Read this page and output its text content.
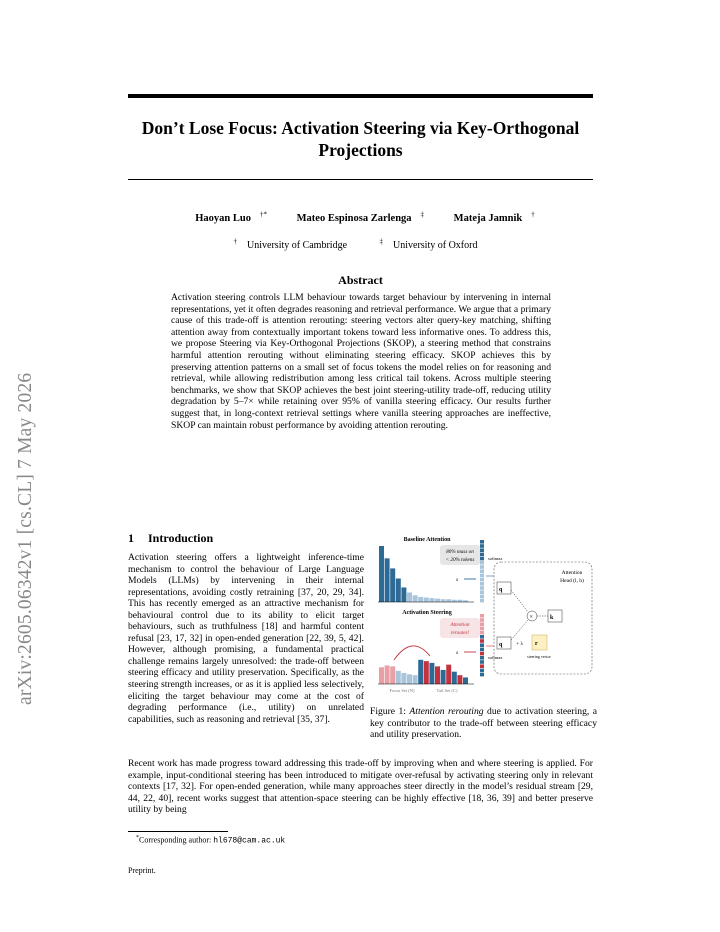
arXiv:2605.06342v1 [cs.CL] 7 May 2026
Don’t Lose Focus: Activation Steering via Key-Orthogonal Projections
Haoyan Luo †*	Mateo Espinosa Zarlenga ‡	Mateja Jamnik †
† University of Cambridge	‡ University of Oxford
Abstract
Activation steering controls LLM behaviour towards target behaviour by intervening in internal representations, yet it often degrades reasoning and retrieval performance. We argue that a primary cause of this trade-off is attention rerouting: steering vectors alter query-key matching, shifting attention away from contextually important tokens toward less informative ones. To address this, we propose Steering via Key-Orthogonal Projections (SKOP), a steering method that constrains harmful attention rerouting without eliminating steering efficacy. SKOP achieves this by preserving attention patterns on a small set of focus tokens the model relies on for reasoning and retrieval, while allowing redistribution among less critical tail tokens. Across multiple steering benchmarks, we show that SKOP achieves the best joint steering-utility trade-off, reducing utility degradation by 5–7× while retaining over 95% of vanilla steering efficacy. Our results further suggest that, in long-context retrieval settings where vanilla steering approaches are ineffective, SKOP can maintain robust performance by avoiding attention rerouting.
1 Introduction
Activation steering offers a lightweight inference-time mechanism to control the behaviour of Large Language Models (LLMs) by intervening in their internal representations, avoiding costly retraining [37, 20, 29, 34]. This has recently emerged as an attractive mechanism for behavioural control due to its ability to elicit target behaviours, such as truthfulness [18] and harmful content refusal [23, 17, 32] in open-ended generation [22, 39, 5, 42]. However, although promising, a fundamental practical challenge remains largely unresolved: the trade-off between steering efficacy and utility preservation. Specifically, as the steering strength increases, or as it is applied less selectively, eliciting the target behaviour may come at the cost of degrading performance (i.e., utility) on unrelated capabilities, such as reasoning and retrieval [35, 37].
Baseline Attention
80% mass on
< 20% tokens
s
Activation Steering
Attention
reroutes!
s
Focus Set (N)	Tail Set (C)
softmax
softmax
Attention
Head (l, h)
q
×	k
q + λ r
steering vector
Figure 1: Attention rerouting due to activation steering, a key contributor to the trade-off between steering efficacy and utility preservation.
Recent work has made progress toward addressing this trade-off by improving when and where steering is applied. For example, input-conditional steering has been introduced to mitigate over-refusal by activating steering only in relevant contexts [17, 32]. For open-ended generation, while many approaches steer directly in the model’s residual stream [29, 44, 22, 40], recent works suggest that attention-space steering can be highly effective [18, 36, 39] and better preserve utility by being
*Corresponding author: hl678@cam.ac.uk
Preprint.
